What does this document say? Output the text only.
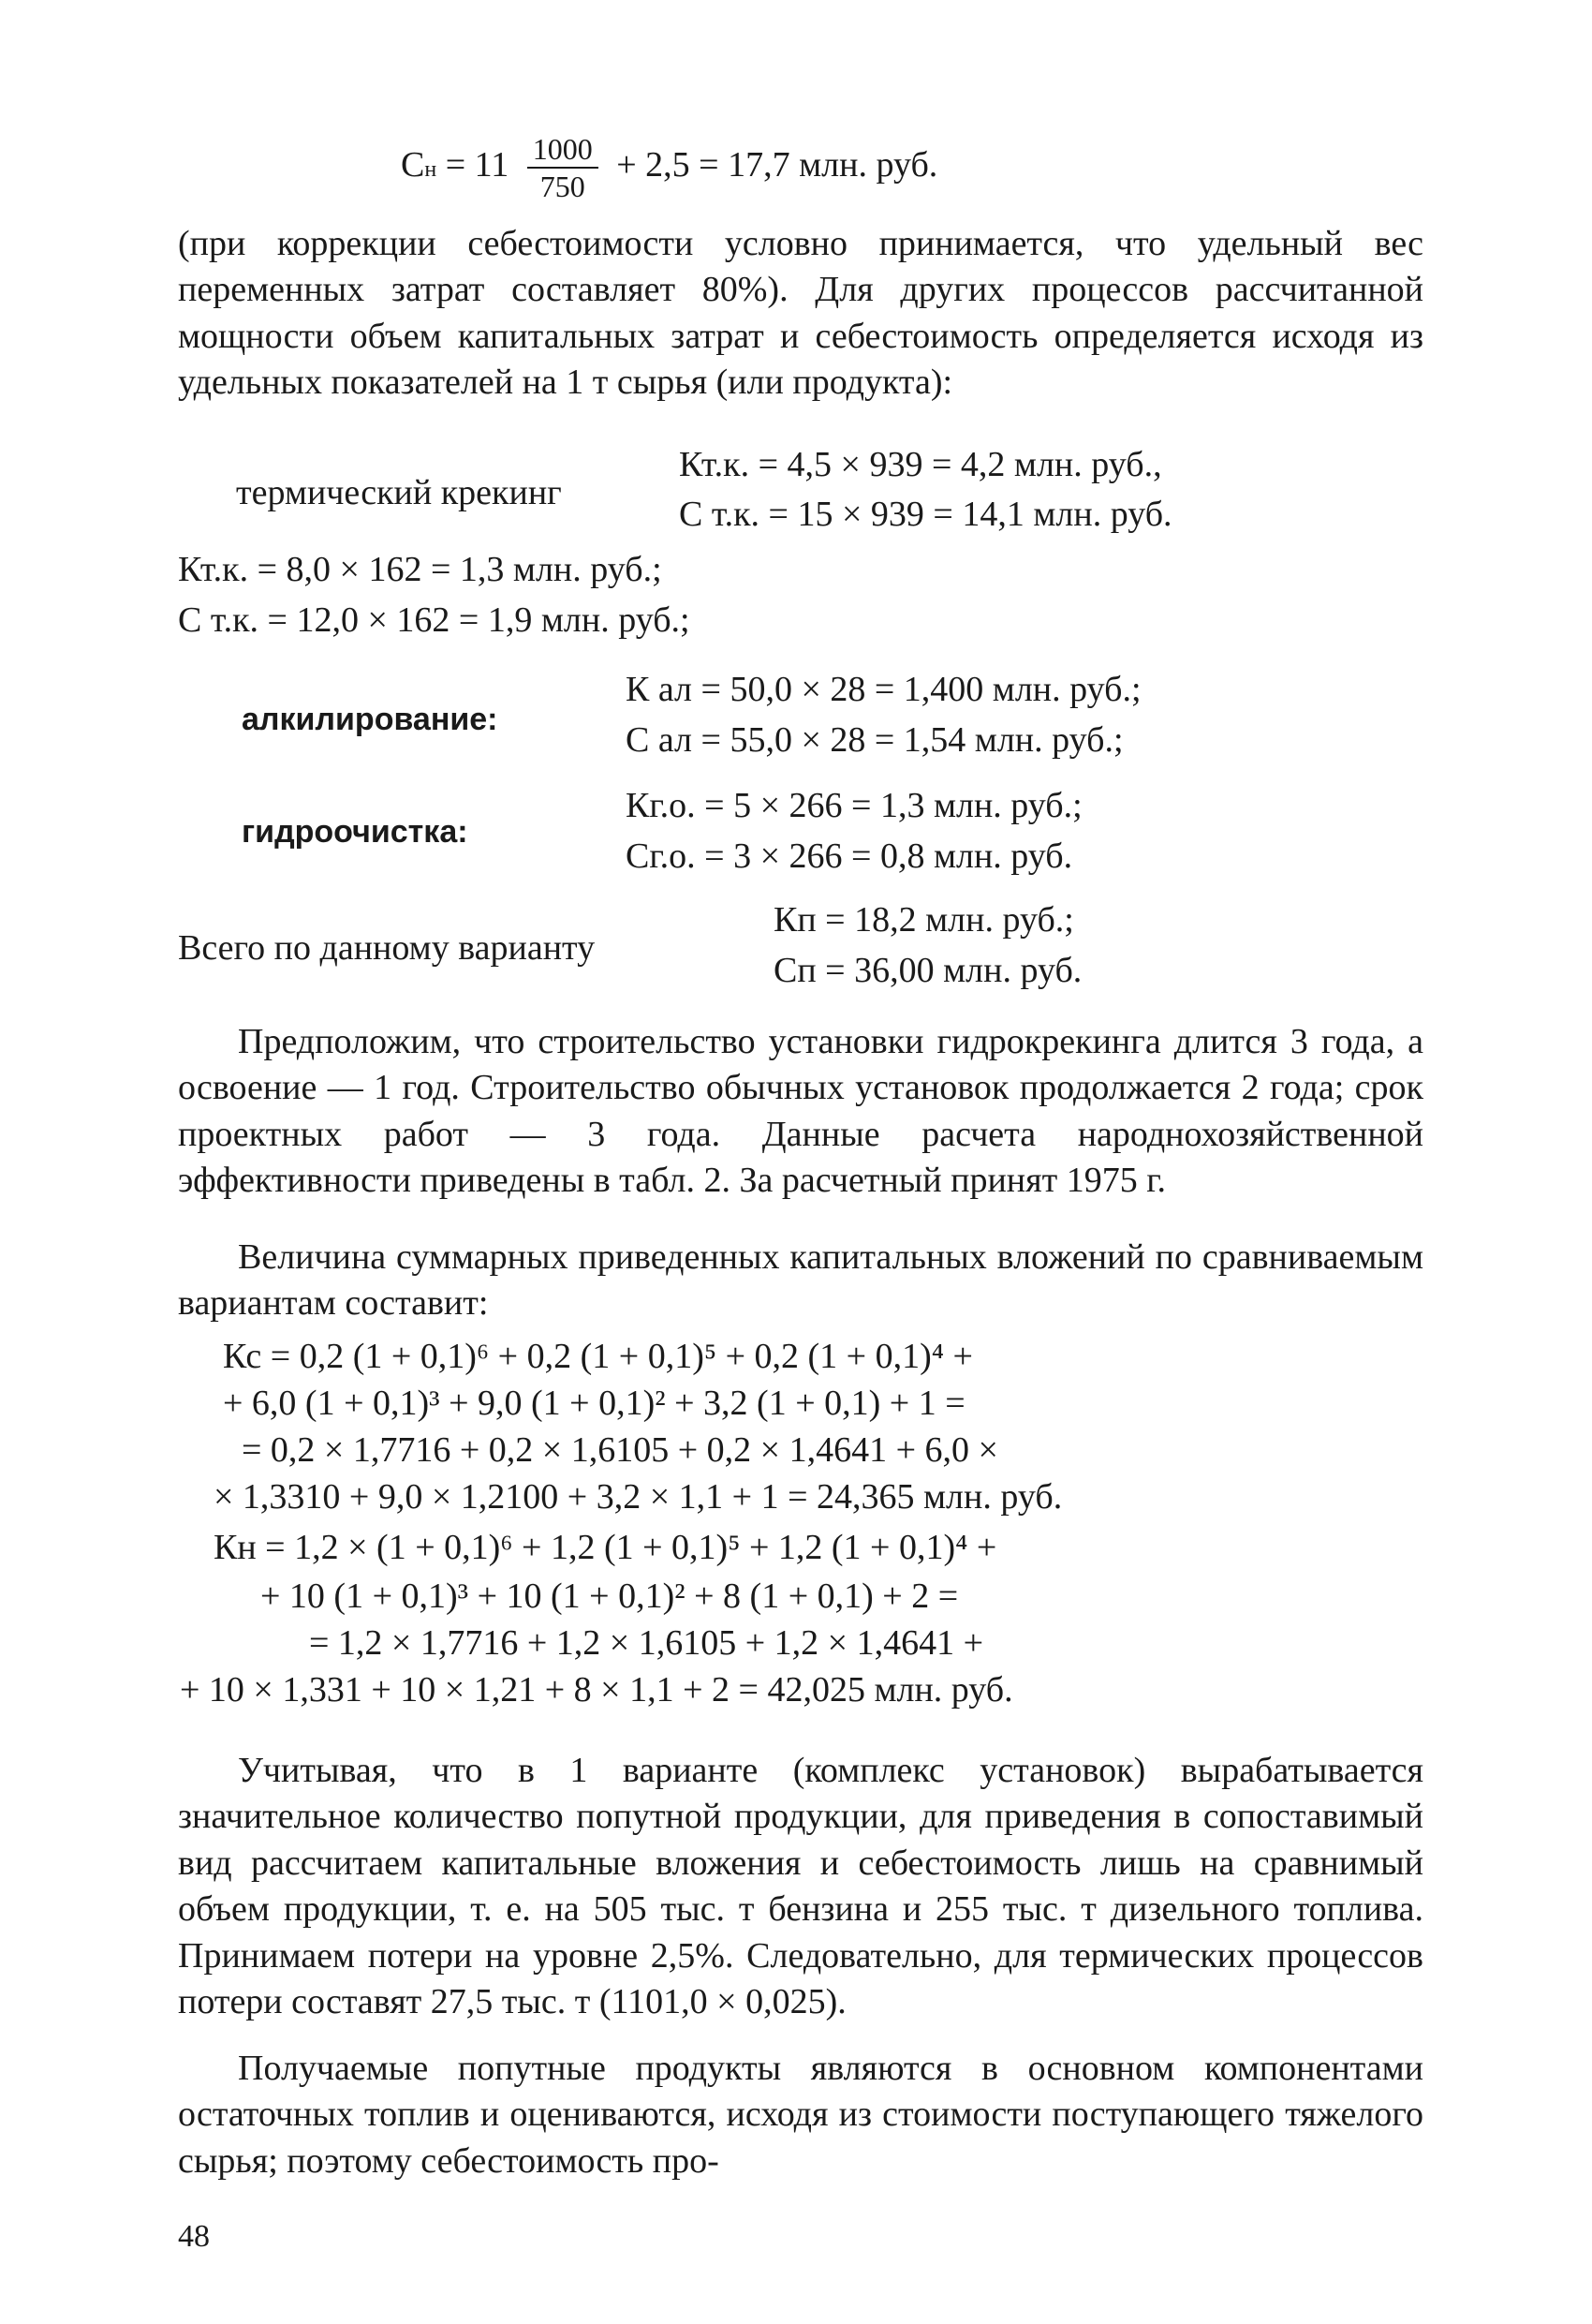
Сн = $11 \frac{1000}{750} + 2,5 = 17,7$ млн. руб.

(при коррекции себестоимости условно принимается, что удельный вес переменных затрат составляет 80%). Для других процессов рассчитанной мощности объем капитальных затрат и себестоимость определяется исходя из удельных показателей на 1 т сырья (или продукта):

термический крекинг
Кт.к. = 4,5 × 939 = 4,2 млн. руб.,
С т.к. = 15 × 939 = 14,1 млн. руб.
Кт.к. = 8,0 × 162 = 1,3 млн. руб.;
С т.к. = 12,0 × 162 = 1,9 млн. руб.;
алкилирование:
К ал = 50,0 × 28 = 1,400 млн. руб.;
С ал = 55,0 × 28 = 1,54 млн. руб.;
гидроочистка:
Кг.о. = 5 × 266 = 1,3 млн. руб.;
Сг.о. = 3 × 266 = 0,8 млн. руб.
Всего по данному варианту
Кп = 18,2 млн. руб.;
Сп = 36,00 млн. руб.

Предположим, что строительство установки гидрокрекинга длится 3 года, а освоение — 1 год. Строительство обычных установок продолжается 2 года; срок проектных работ — 3 года. Данные расчета народнохозяйственной эффективности приведены в табл. 2. За расчетный принят 1975 г.

Величина суммарных приведенных капитальных вложений по сравниваемым вариантам составит:

Кс = 0,2 (1 + 0,1)⁶ + 0,2 (1 + 0,1)⁵ + 0,2 (1 + 0,1)⁴ +
+ 6,0 (1 + 0,1)³ + 9,0 (1 + 0,1)² + 3,2 (1 + 0,1) + 1 =
= 0,2 × 1,7716 + 0,2 × 1,6105 + 0,2 × 1,4641 + 6,0 ×
× 1,3310 + 9,0 × 1,2100 + 3,2 × 1,1 + 1 = 24,365 млн. руб.
Кн = 1,2 × (1 + 0,1)⁶ + 1,2 (1 + 0,1)⁵ + 1,2 (1 + 0,1)⁴ +
+ 10 (1 + 0,1)³ + 10 (1 + 0,1)² + 8 (1 + 0,1) + 2 =
= 1,2 × 1,7716 + 1,2 × 1,6105 + 1,2 × 1,4641 +
+ 10 × 1,331 + 10 × 1,21 + 8 × 1,1 + 2 = 42,025 млн. руб.

Учитывая, что в 1 варианте (комплекс установок) вырабатывается значительное количество попутной продукции, для приведения в сопоставимый вид рассчитаем капитальные вложения и себестоимость лишь на сравнимый объем продукции, т. е. на 505 тыс. т бензина и 255 тыс. т дизельного топлива. Принимаем потери на уровне 2,5%. Следовательно, для термических процессов потери составят 27,5 тыс. т (1101,0 × 0,025).

Получаемые попутные продукты являются в основном компонентами остаточных топлив и оцениваются, исходя из стоимости поступающего тяжелого сырья; поэтому себестоимость про-

48
